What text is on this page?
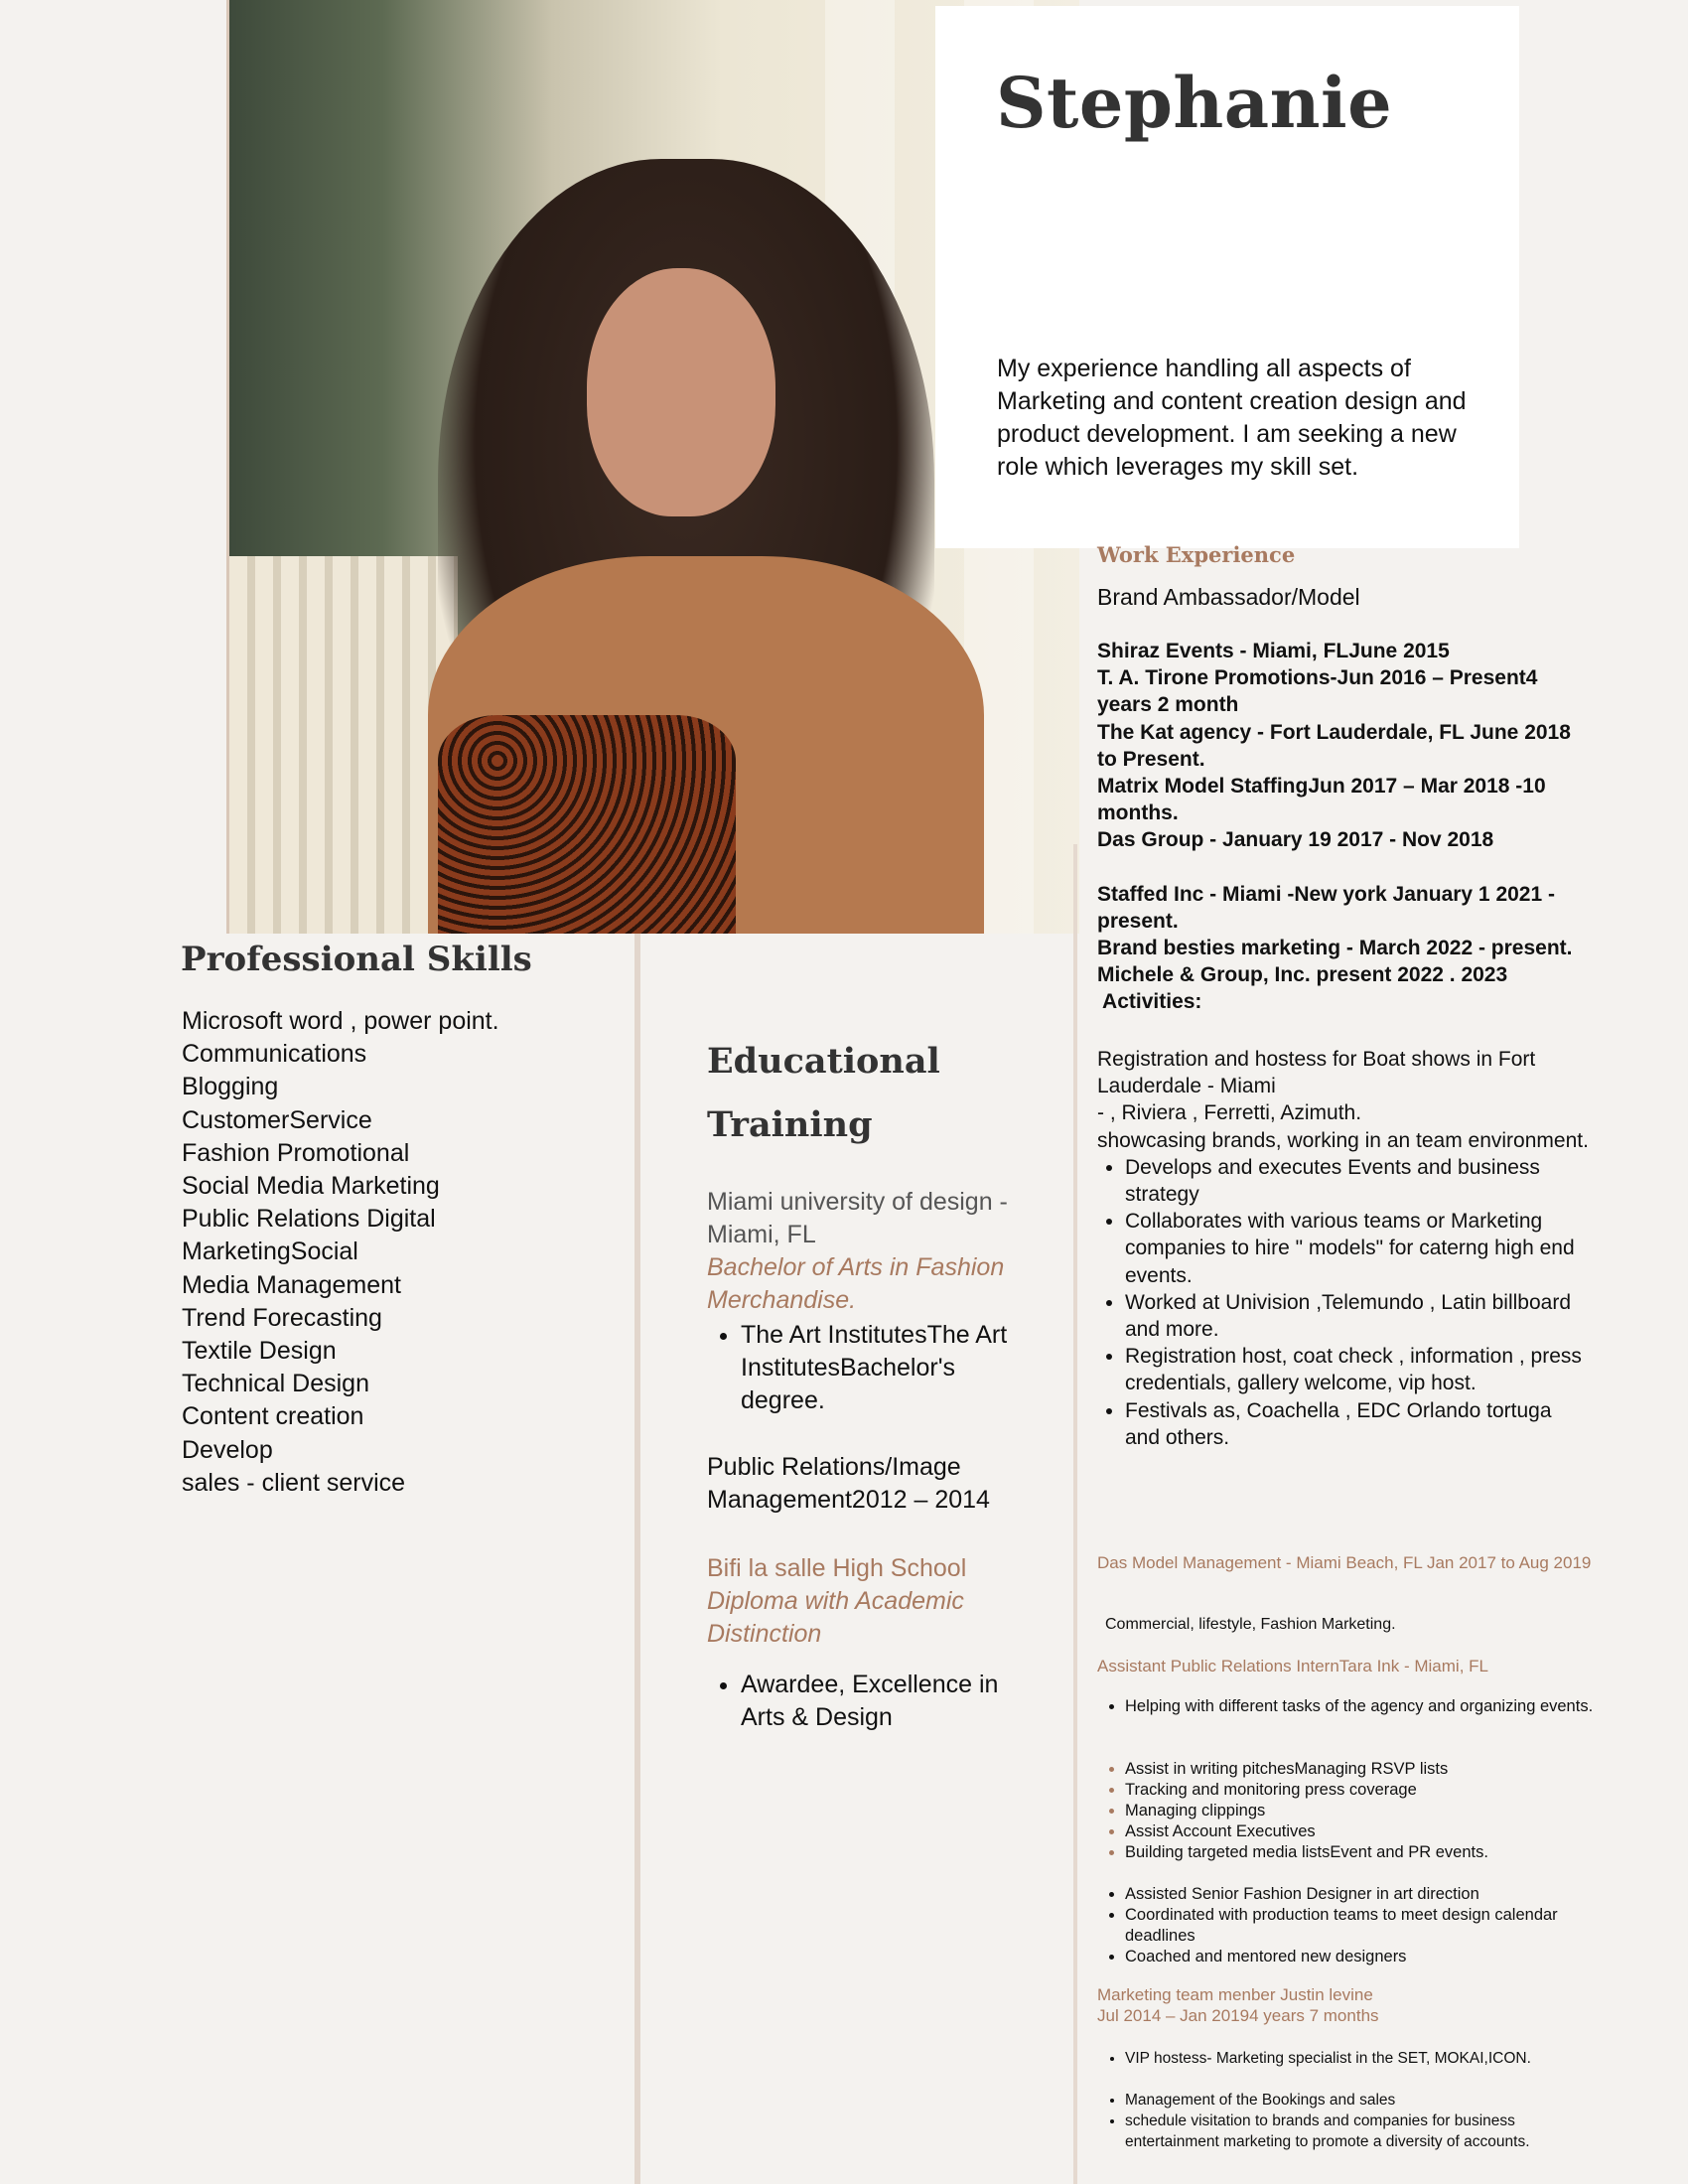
Stephanie
My experience handling all aspects of Marketing and content creation design and product development. I am seeking a new role which leverages my skill set.
Professional Skills
Microsoft word , power point.
Communications
Blogging
CustomerService
Fashion Promotional
Social Media Marketing
Public Relations Digital
MarketingSocial
Media Management
Trend Forecasting
Textile Design
Technical Design
Content creation
Develop
sales - client service
Educational Training
Miami university of design - Miami, FL
Bachelor of Arts in Fashion Merchandise.
• The Art InstitutesThe Art InstitutesBachelor's degree.
Public Relations/Image Management2012 – 2014
Bifi la salle High School
Diploma with Academic Distinction
• Awardee, Excellence in Arts & Design
Work Experience
Brand Ambassador/Model
Shiraz Events - Miami, FLJune 2015
T. A. Tirone Promotions-Jun 2016 – Present4 years 2 month
The Kat agency - Fort Lauderdale, FL June 2018 to Present.
Matrix Model StaffingJun 2017 – Mar 2018 -10 months.
Das Group - January 19 2017 - Nov 2018
Staffed Inc - Miami -New york January 1 2021 - present.
Brand besties marketing - March 2022 - present.
Michele & Group, Inc. present 2022 . 2023
Activities:
Registration and hostess for Boat shows in Fort Lauderdale - Miami
- , Riviera , Ferretti, Azimuth.
showcasing brands, working in an team environment.
• Develops and executes Events and business strategy
• Collaborates with various teams or Marketing companies to hire " models" for caterng high end events.
• Worked at Univision ,Telemundo , Latin billboard and more.
• Registration host, coat check , information , press credentials, gallery welcome, vip host.
• Festivals as, Coachella , EDC Orlando tortuga and others.
Das Model Management - Miami Beach, FL Jan 2017 to Aug 2019
Commercial, lifestyle, Fashion Marketing.
Assistant Public Relations InternTara Ink - Miami, FL
• Helping with different tasks of the agency and organizing events.
• Assist in writing pitchesManaging RSVP lists
• Tracking and monitoring press coverage
• Managing clippings
• Assist Account Executives
• Building targeted media listsEvent and PR events.
• Assisted Senior Fashion Designer in art direction
• Coordinated with production teams to meet design calendar deadlines
• Coached and mentored new designers
Marketing team menber Justin levine
Jul 2014 – Jan 20194 years 7 months
• VIP hostess- Marketing specialist in the SET, MOKAI,ICON.
• Management of the Bookings and sales
• schedule visitation to brands and companies for business entertainment marketing to promote a diversity of accounts.
